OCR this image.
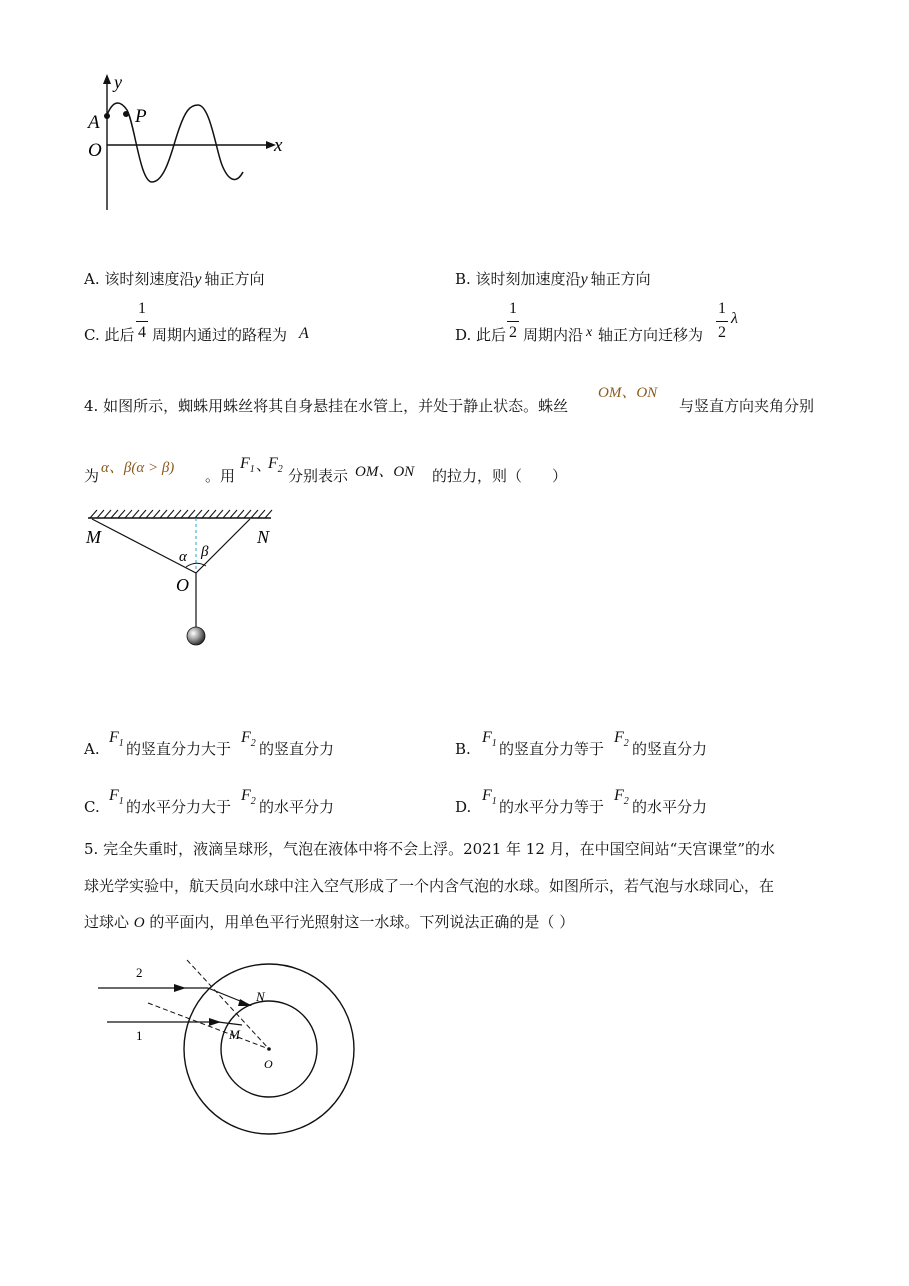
y
x
A P
O
A. 该时刻速度沿y 轴正方向	B. 该时刻加速度沿y 轴正方向
C. 此后
1
4 周期内通过的路程为 A	D. 此后
1
2 周期内沿 x 轴正方向迁移为
1
2
λ
4. 如图所示，蜘蛛用蛛丝将其自身悬挂在水管上，并处于静止状态。蛛丝
OM、ON
与竖直方向夹角分别
为 α、β(α > β) 。用
$F_1$ 、
$F_2$ 分别表示 OM、ON 的拉力，则（　　）
M	N
O
α β
A.
$F_1$ 的竖直分力大于
$F_2$ 的竖直分力	B.
$F_1$ 的竖直分力等于
$F_2$ 的竖直分力
C.
$F_1$ 的水平分力大于
$F_2$ 的水平分力	D.
$F_1$ 的水平分力等于
$F_2$ 的水平分力
5. 完全失重时，液滴呈球形，气泡在液体中将不会上浮。2021 年 12 月，在中国空间站“天宫课堂”的水
球光学实验中，航天员向水球中注入空气形成了一个内含气泡的水球。如图所示，若气泡与水球同心，在
过球心 O 的平面内，用单色平行光照射这一水球。下列说法正确的是（ ）
2
1
N
M
O
